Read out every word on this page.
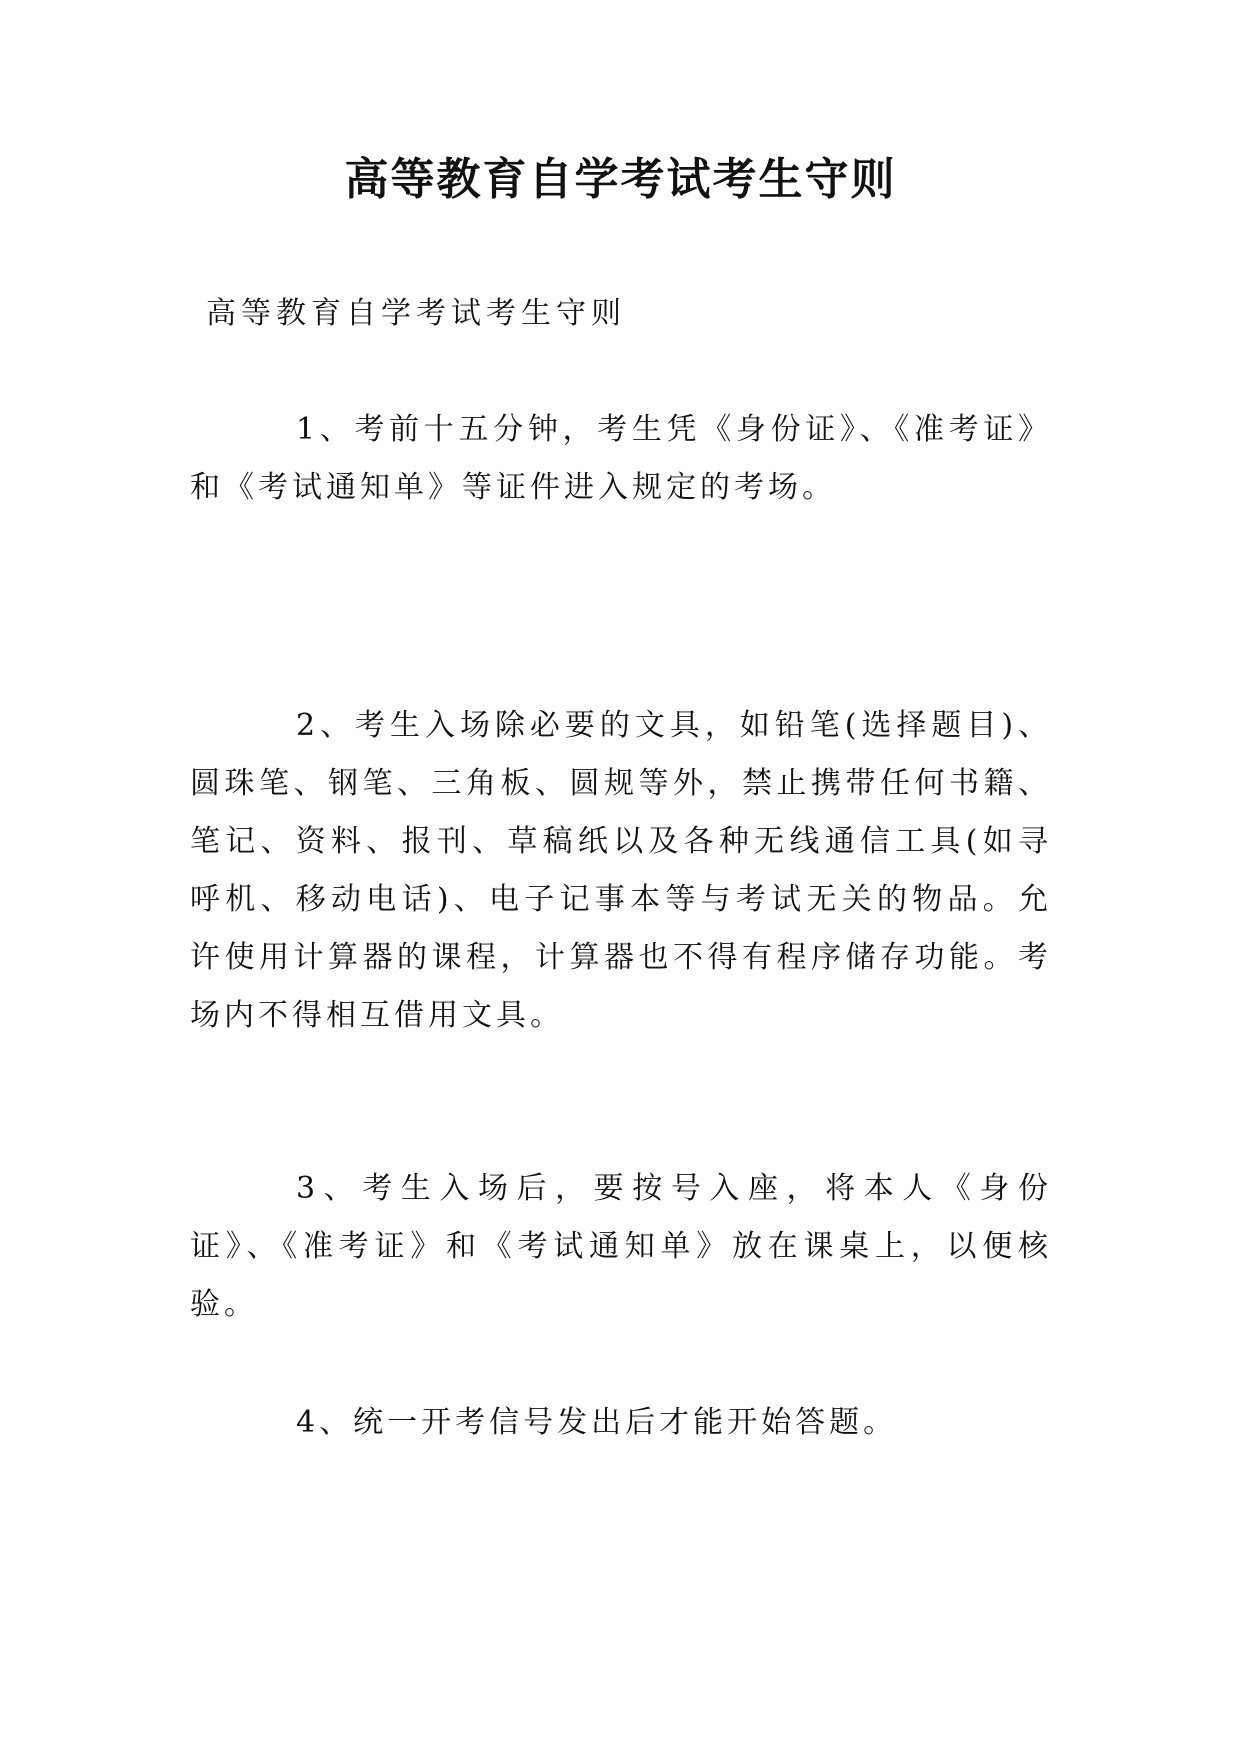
高等教育自学考试考生守则

高等教育自学考试考生守则

1、考前十五分钟，考生凭《身份证》、《准考证》和《考试通知单》等证件进入规定的考场。

2、考生入场除必要的文具，如铅笔(选择题目)、圆珠笔、钢笔、三角板、圆规等外，禁止携带任何书籍、笔记、资料、报刊、草稿纸以及各种无线通信工具(如寻呼机、移动电话)、电子记事本等与考试无关的物品。允许使用计算器的课程，计算器也不得有程序储存功能。考场内不得相互借用文具。

3、考生入场后，要按号入座，将本人《身份证》、《准考证》和《考试通知单》放在课桌上，以便核验。

4、统一开考信号发出后才能开始答题。
